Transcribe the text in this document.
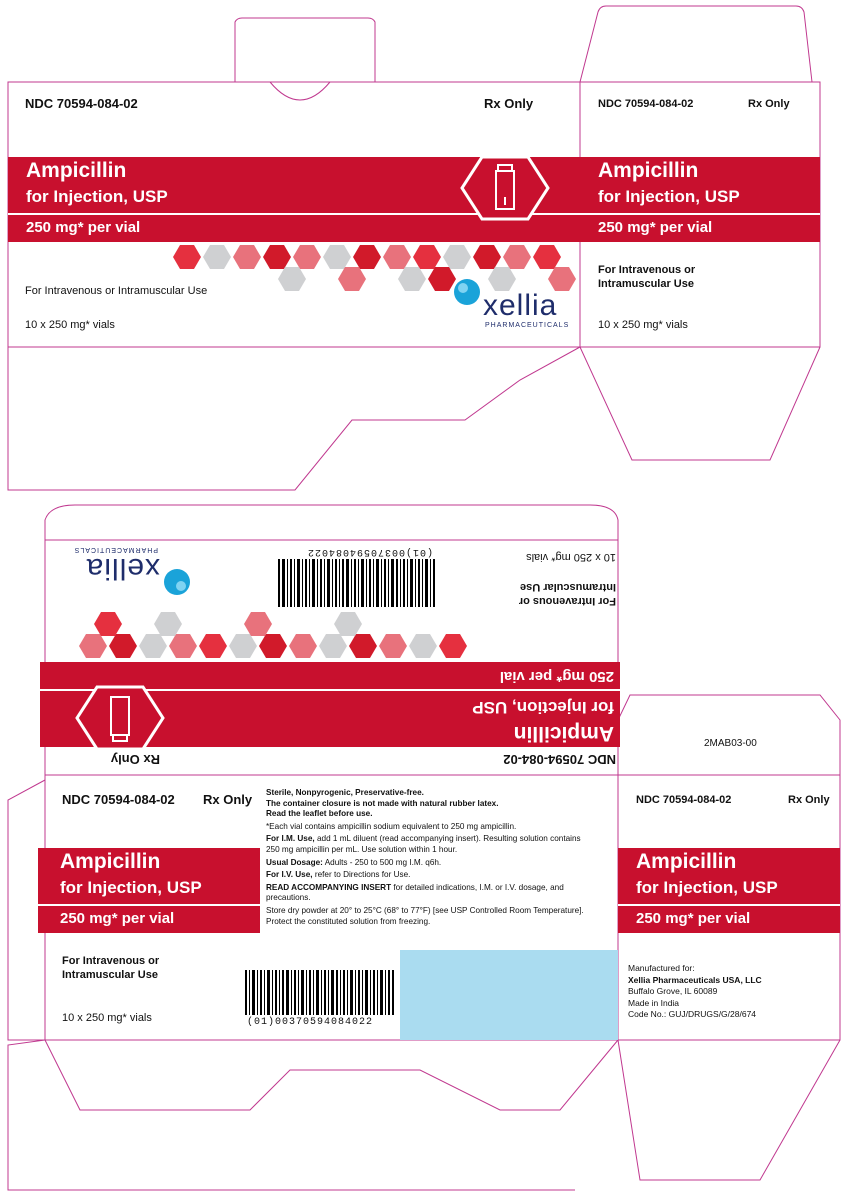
NDC 70594-084-02	Rx Only
Ampicillin
for Injection, USP
250 mg* per vial
For Intravenous or Intramuscular Use
10 x 250 mg* vials
xellia
PHARMACEUTICALS
NDC 70594-084-02	Rx Only
Ampicillin
for Injection, USP
250 mg* per vial
For Intravenous or
Intramuscular Use
10 x 250 mg* vials
NDC 70594-084-02
Rx Only
Ampicillin
for Injection, USP
250 mg* per vial
For Intravenous or
Intramuscular Use
10 x 250 mg* vials
(01)00370594084022
xellia
PHARMACEUTICALS
2MAB03-00
NDC 70594-084-02 Rx Only
Ampicillin
for Injection, USP
250 mg* per vial
For Intravenous or
Intramuscular Use
10 x 250 mg* vials
Sterile, Nonpyrogenic, Preservative-free.
The container closure is not made with natural rubber latex.
Read the leaflet before use.
*Each vial contains ampicillin sodium equivalent to 250 mg ampicillin.
For I.M. Use, add 1 mL diluent (read accompanying insert). Resulting solution contains
250 mg ampicillin per mL. Use solution within 1 hour.
Usual Dosage: Adults - 250 to 500 mg I.M. q6h.
For I.V. Use, refer to Directions for Use.
READ ACCOMPANYING INSERT for detailed indications, I.M. or I.V. dosage, and
precautions.
Store dry powder at 20° to 25°C (68° to 77°F) [see USP Controlled Room Temperature].
Protect the constituted solution from freezing.
(01)00370594084022
NDC 70594-084-02	Rx Only
Ampicillin
for Injection, USP
250 mg* per vial
Manufactured for:
Xellia Pharmaceuticals USA, LLC
Buffalo Grove, IL 60089
Made in India
Code No.: GUJ/DRUGS/G/28/674
